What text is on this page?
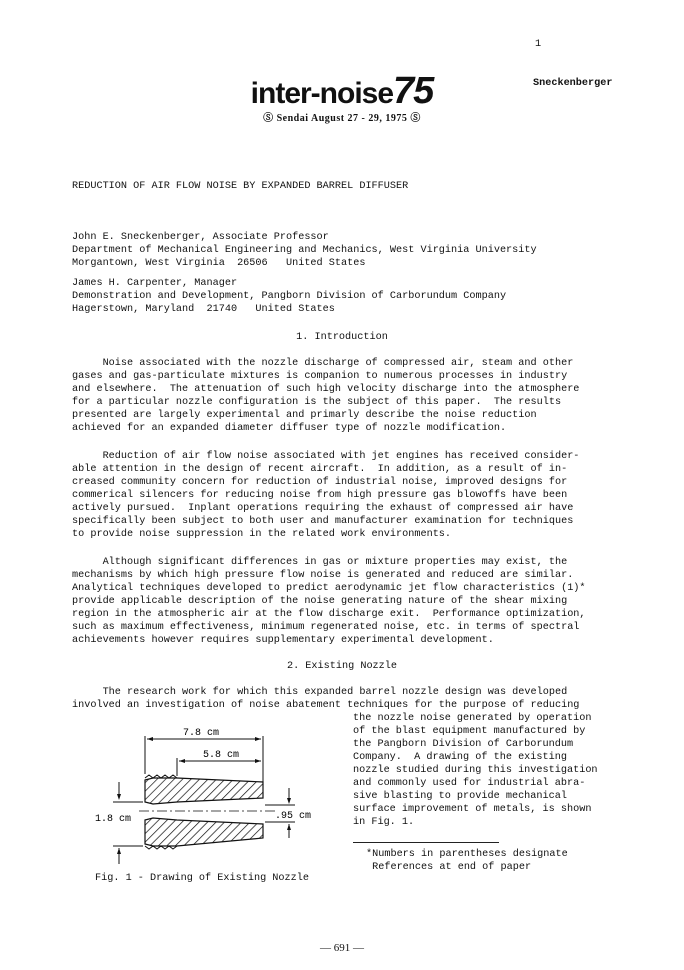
1

Sneckenberger

inter-noise75
Ⓢ Sendai August 27 - 29, 1975 Ⓢ
REDUCTION OF AIR FLOW NOISE BY EXPANDED BARREL DIFFUSER
John E. Sneckenberger, Associate Professor
Department of Mechanical Engineering and Mechanics, West Virginia University
Morgantown, West Virginia  26506   United States
James H. Carpenter, Manager
Demonstration and Development, Pangborn Division of Carborundum Company
Hagerstown, Maryland  21740   United States
1. Introduction
Noise associated with the nozzle discharge of compressed air, steam and other
gases and gas-particulate mixtures is companion to numerous processes in industry
and elsewhere.  The attenuation of such high velocity discharge into the atmosphere
for a particular nozzle configuration is the subject of this paper.  The results
presented are largely experimental and primarly describe the noise reduction
achieved for an expanded diameter diffuser type of nozzle modification.
Reduction of air flow noise associated with jet engines has received consider-
able attention in the design of recent aircraft.  In addition, as a result of in-
creased community concern for reduction of industrial noise, improved designs for
commerical silencers for reducing noise from high pressure gas blowoffs have been
actively pursued.  Inplant operations requiring the exhaust of compressed air have
specifically been subject to both user and manufacturer examination for techniques
to provide noise suppression in the related work environments.
Although significant differences in gas or mixture properties may exist, the
mechanisms by which high pressure flow noise is generated and reduced are similar.
Analytical techniques developed to predict aerodynamic jet flow characteristics (1)*
provide applicable description of the noise generating nature of the shear mixing
region in the atmospheric air at the flow discharge exit.  Performance optimization,
such as maximum effectiveness, minimum regenerated noise, etc. in terms of spectral
achievements however requires supplementary experimental development.
2. Existing Nozzle
The research work for which this expanded barrel nozzle design was developed
involved an investigation of noise abatement techniques for the purpose of reducing
the nozzle noise generated by operation
of the blast equipment manufactured by
the Pangborn Division of Carborundum
Company.  A drawing of the existing
nozzle studied during this investigation
and commonly used for industrial abra-
sive blasting to provide mechanical
surface improvement of metals, is shown
in Fig. 1.
7.8 cm
5.8 cm
1.8 cm	.95 cm
Fig. 1 - Drawing of Existing Nozzle
*Numbers in parentheses designate
References at end of paper
— 691 —
